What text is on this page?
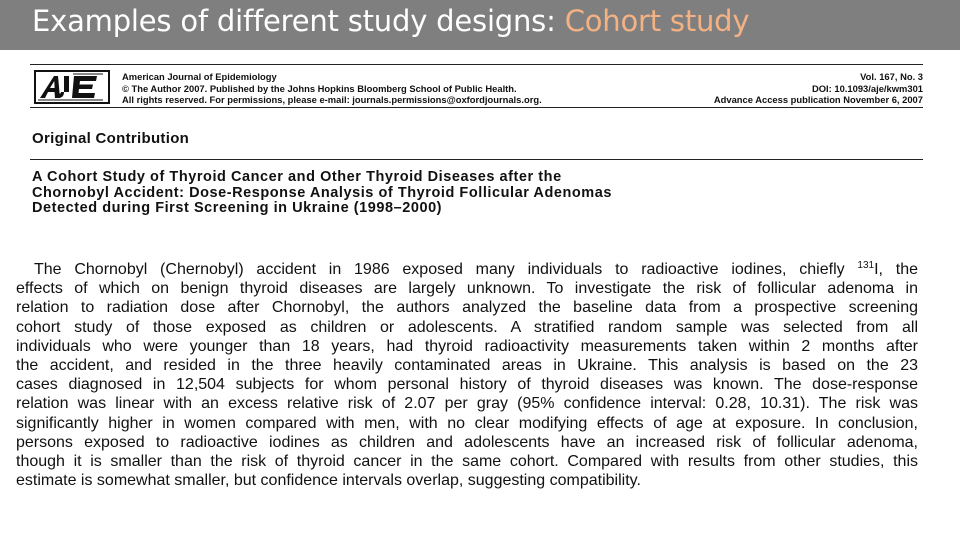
Examples of different study designs: Cohort study
American Journal of Epidemiology
© The Author 2007. Published by the Johns Hopkins Bloomberg School of Public Health.
All rights reserved. For permissions, please e-mail: journals.permissions@oxfordjournals.org.
Vol. 167, No. 3
DOI: 10.1093/aje/kwm301
Advance Access publication November 6, 2007
Original Contribution
A Cohort Study of Thyroid Cancer and Other Thyroid Diseases after the
Chornobyl Accident: Dose-Response Analysis of Thyroid Follicular Adenomas
Detected during First Screening in Ukraine (1998–2000)
The Chornobyl (Chernobyl) accident in 1986 exposed many individuals to radioactive iodines, chiefly $^{131}$I, the
effects of which on benign thyroid diseases are largely unknown. To investigate the risk of follicular adenoma in
relation to radiation dose after Chornobyl, the authors analyzed the baseline data from a prospective screening
cohort study of those exposed as children or adolescents. A stratified random sample was selected from all
individuals who were younger than 18 years, had thyroid radioactivity measurements taken within 2 months after
the accident, and resided in the three heavily contaminated areas in Ukraine. This analysis is based on the 23
cases diagnosed in 12,504 subjects for whom personal history of thyroid diseases was known. The dose-response
relation was linear with an excess relative risk of 2.07 per gray (95% confidence interval: 0.28, 10.31). The risk was
significantly higher in women compared with men, with no clear modifying effects of age at exposure. In conclusion,
persons exposed to radioactive iodines as children and adolescents have an increased risk of follicular adenoma,
though it is smaller than the risk of thyroid cancer in the same cohort. Compared with results from other studies, this
estimate is somewhat smaller, but confidence intervals overlap, suggesting compatibility.
